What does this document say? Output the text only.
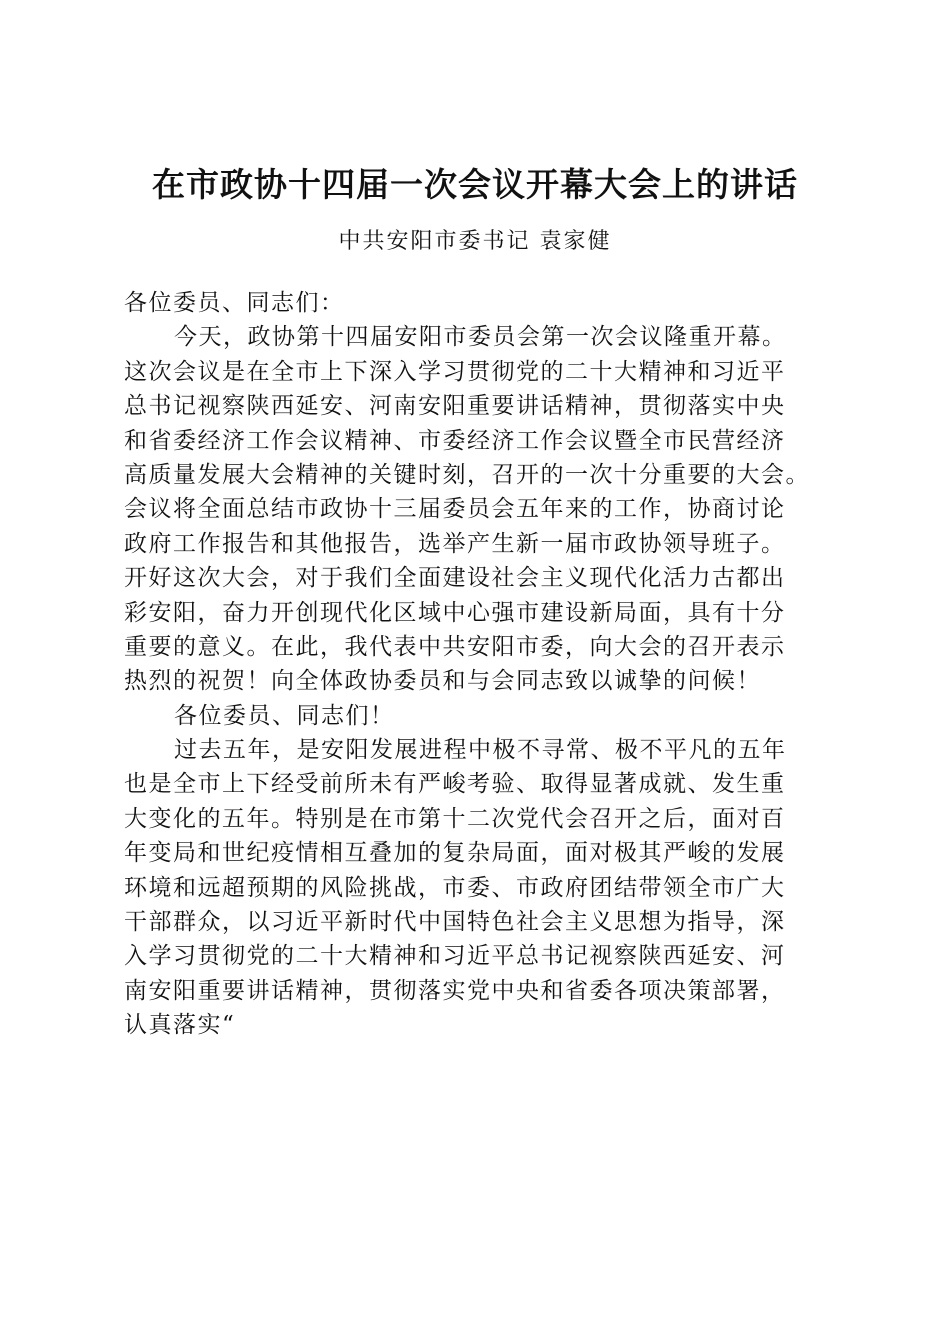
在市政协十四届一次会议开幕大会上的讲话

中共安阳市委书记 袁家健

各位委员、同志们：
今天，政协第十四届安阳市委员会第一次会议隆重开幕。
这次会议是在全市上下深入学习贯彻党的二十大精神和习近平
总书记视察陕西延安、河南安阳重要讲话精神，贯彻落实中央
和省委经济工作会议精神、市委经济工作会议暨全市民营经济
高质量发展大会精神的关键时刻，召开的一次十分重要的大会。
会议将全面总结市政协十三届委员会五年来的工作，协商讨论
政府工作报告和其他报告，选举产生新一届市政协领导班子。
开好这次大会，对于我们全面建设社会主义现代化活力古都出
彩安阳，奋力开创现代化区域中心强市建设新局面，具有十分
重要的意义。在此，我代表中共安阳市委，向大会的召开表示
热烈的祝贺！向全体政协委员和与会同志致以诚挚的问候！
各位委员、同志们！
过去五年，是安阳发展进程中极不寻常、极不平凡的五年
也是全市上下经受前所未有严峻考验、取得显著成就、发生重
大变化的五年。特别是在市第十二次党代会召开之后，面对百
年变局和世纪疫情相互叠加的复杂局面，面对极其严峻的发展
环境和远超预期的风险挑战，市委、市政府团结带领全市广大
干部群众，以习近平新时代中国特色社会主义思想为指导，深
入学习贯彻党的二十大精神和习近平总书记视察陕西延安、河
南安阳重要讲话精神，贯彻落实党中央和省委各项决策部署，
认真落实“
